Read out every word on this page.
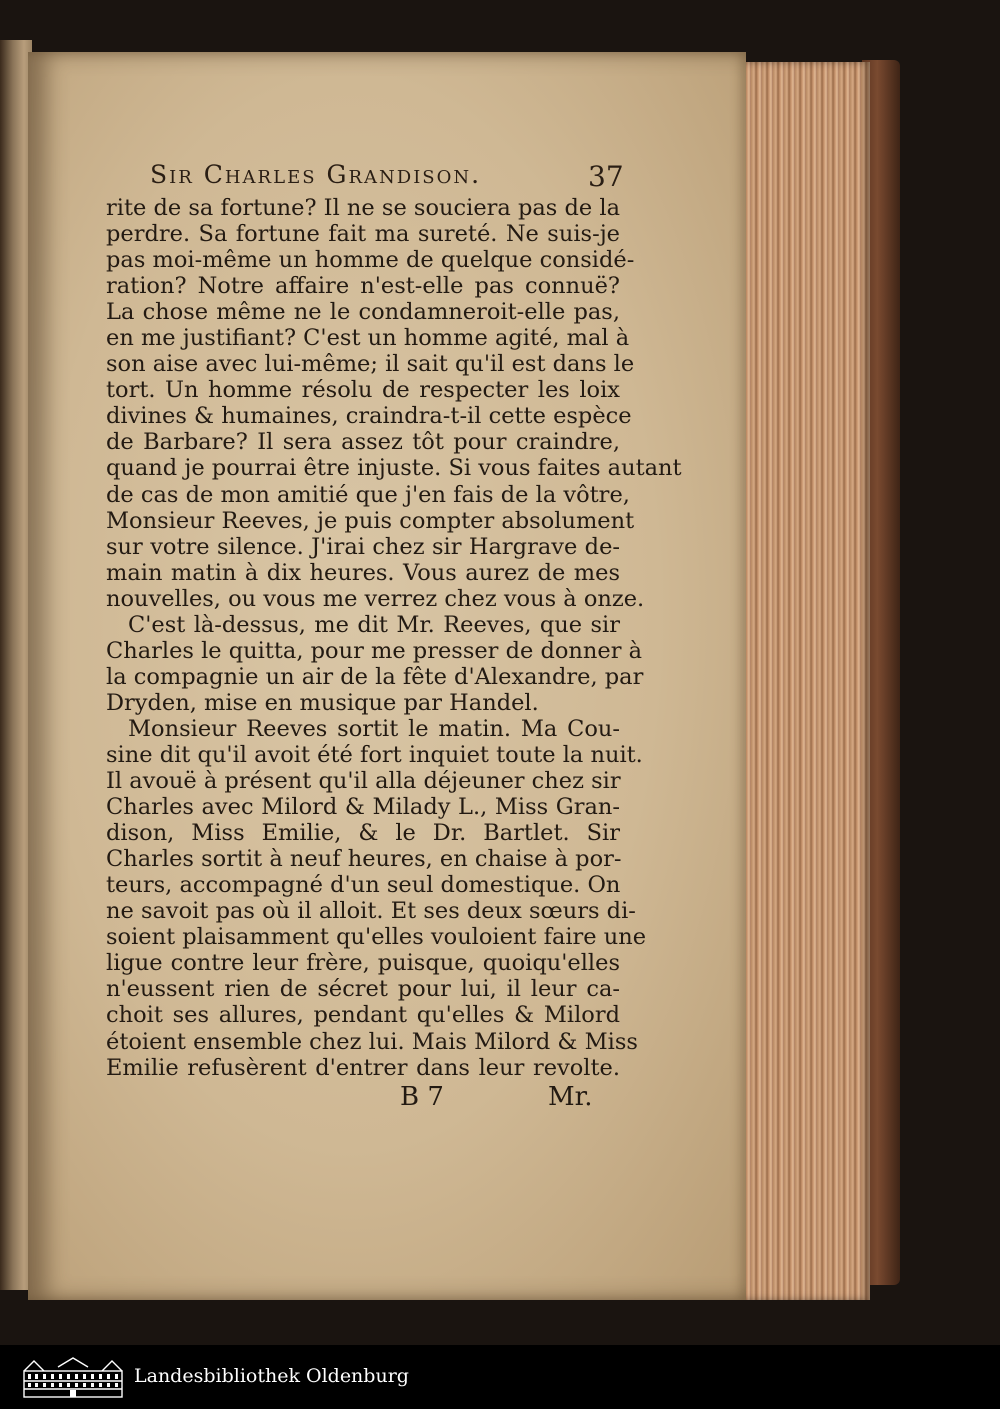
Sir Charles Grandison.	37
rite de sa fortune? Il ne se souciera pas de la
perdre. Sa fortune fait ma sureté. Ne suis-je
pas moi-même un homme de quelque considé-
ration? Notre affaire n'est-elle pas connuë?
La chose même ne le condamneroit-elle pas,
en me justifiant? C'est un homme agité, mal à
son aise avec lui-même; il sait qu'il est dans le
tort. Un homme résolu de respecter les loix
divines & humaines, craindra-t-il cette espèce
de Barbare? Il sera assez tôt pour craindre,
quand je pourrai être injuste. Si vous faites autant
de cas de mon amitié que j'en fais de la vôtre,
Monsieur Reeves, je puis compter absolument
sur votre silence. J'irai chez sir Hargrave de-
main matin à dix heures. Vous aurez de mes
nouvelles, ou vous me verrez chez vous à onze.
C'est là-dessus, me dit Mr. Reeves, que sir
Charles le quitta, pour me presser de donner à
la compagnie un air de la fête d'Alexandre, par
Dryden, mise en musique par Handel.
Monsieur Reeves sortit le matin. Ma Cou-
sine dit qu'il avoit été fort inquiet toute la nuit.
Il avouë à présent qu'il alla déjeuner chez sir
Charles avec Milord & Milady L., Miss Gran-
dison, Miss Emilie, & le Dr. Bartlet. Sir
Charles sortit à neuf heures, en chaise à por-
teurs, accompagné d'un seul domestique. On
ne savoit pas où il alloit. Et ses deux sœurs di-
soient plaisamment qu'elles vouloient faire une
ligue contre leur frère, puisque, quoiqu'elles
n'eussent rien de sécret pour lui, il leur ca-
choit ses allures, pendant qu'elles & Milord
étoient ensemble chez lui. Mais Milord & Miss
Emilie refusèrent d'entrer dans leur revolte.
B 7	Mr.
Landesbibliothek Oldenburg
